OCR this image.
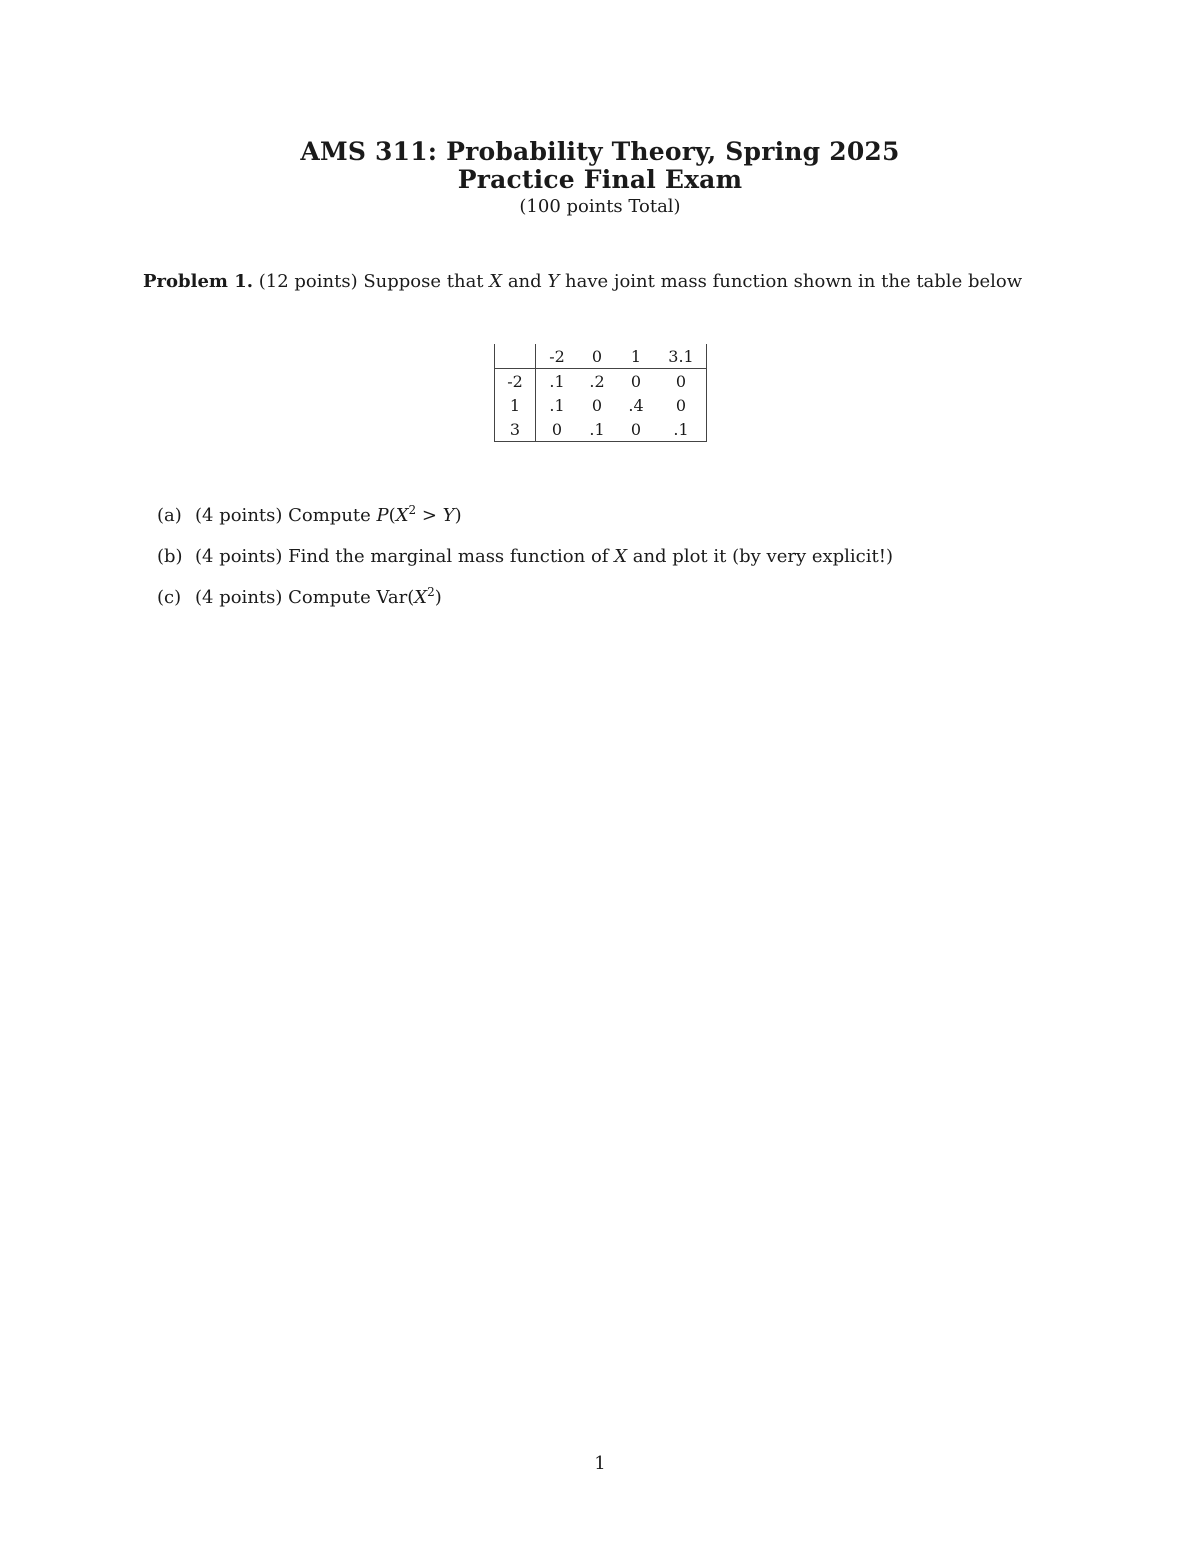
AMS 311: Probability Theory, Spring 2025
Practice Final Exam
(100 points Total)
Problem 1. (12 points) Suppose that X and Y have joint mass function shown in the table below
	-2	0	1	3.1
-2	.1	.2	0	0
1	.1	0	.4	0
3	0	.1	0	.1
(a) (4 points) Compute $P(X^2 > Y)$
(b) (4 points) Find the marginal mass function of X and plot it (by very explicit!)
(c) (4 points) Compute $Var(X^2)$
1
